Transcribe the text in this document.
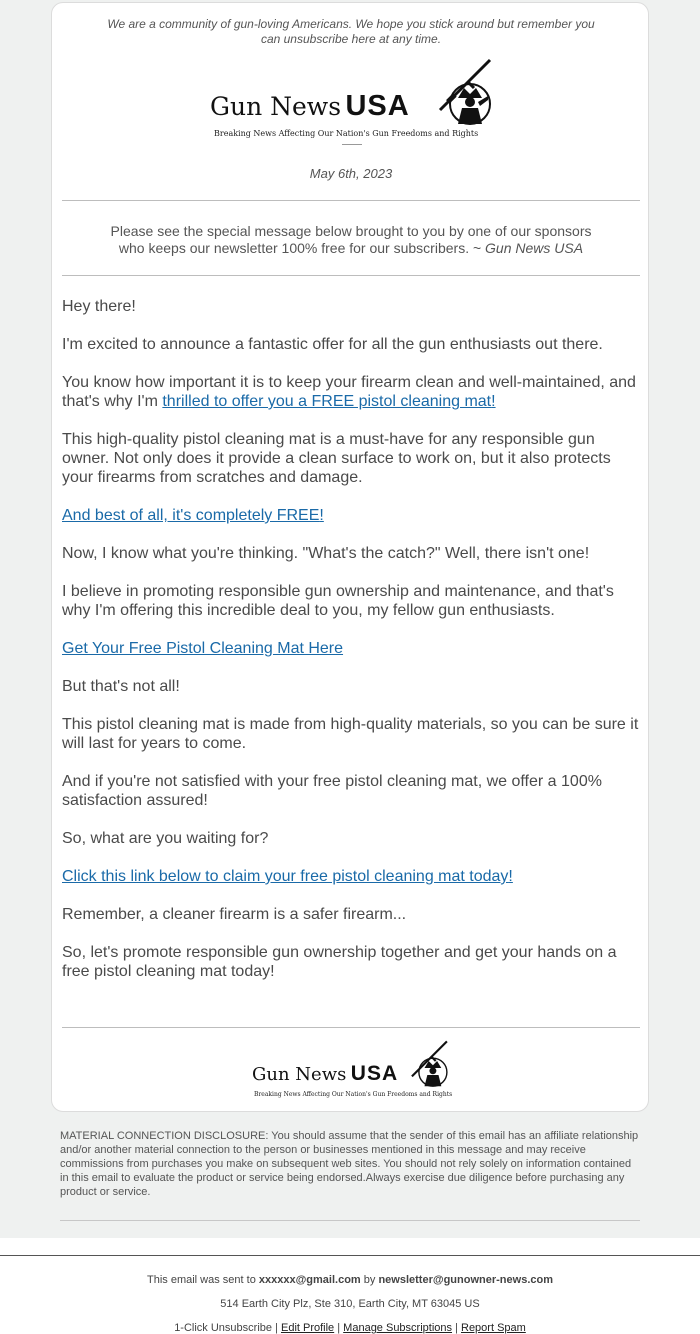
We are a community of gun-loving Americans. We hope you stick around but remember you
can unsubscribe here at any time.
Gun News USA
Breaking News Affecting Our Nation's Gun Freedoms and Rights
May 6th, 2023
Please see the special message below brought to you by one of our sponsors
who keeps our newsletter 100% free for our subscribers. ~ Gun News USA

Hey there!

I'm excited to announce a fantastic offer for all the gun enthusiasts out there.

You know how important it is to keep your firearm clean and well-maintained, and that's why I'm thrilled to offer you a FREE pistol cleaning mat!

This high-quality pistol cleaning mat is a must-have for any responsible gun owner. Not only does it provide a clean surface to work on, but it also protects your firearms from scratches and damage.

And best of all, it's completely FREE!

Now, I know what you're thinking. "What's the catch?" Well, there isn't one!

I believe in promoting responsible gun ownership and maintenance, and that's why I'm offering this incredible deal to you, my fellow gun enthusiasts.

Get Your Free Pistol Cleaning Mat Here

But that's not all!

This pistol cleaning mat is made from high-quality materials, so you can be sure it will last for years to come.

And if you're not satisfied with your free pistol cleaning mat, we offer a 100% satisfaction assured!

So, what are you waiting for?

Click this link below to claim your free pistol cleaning mat today!

Remember, a cleaner firearm is a safer firearm...

So, let's promote responsible gun ownership together and get your hands on a free pistol cleaning mat today!

Gun News USA
Breaking News Affecting Our Nation's Gun Freedoms and Rights
MATERIAL CONNECTION DISCLOSURE: You should assume that the sender of this email has an affiliate relationship and/or another material connection to the person or businesses mentioned in this message and may receive commissions from purchases you make on subsequent web sites. You should not rely solely on information contained in this email to evaluate the product or service being endorsed.Always exercise due diligence before purchasing any product or service.
This email was sent to xxxxxx@gmail.com by newsletter@gunowner-news.com
514 Earth City Plz, Ste 310, Earth City, MT 63045 US
1-Click Unsubscribe | Edit Profile | Manage Subscriptions | Report Spam
